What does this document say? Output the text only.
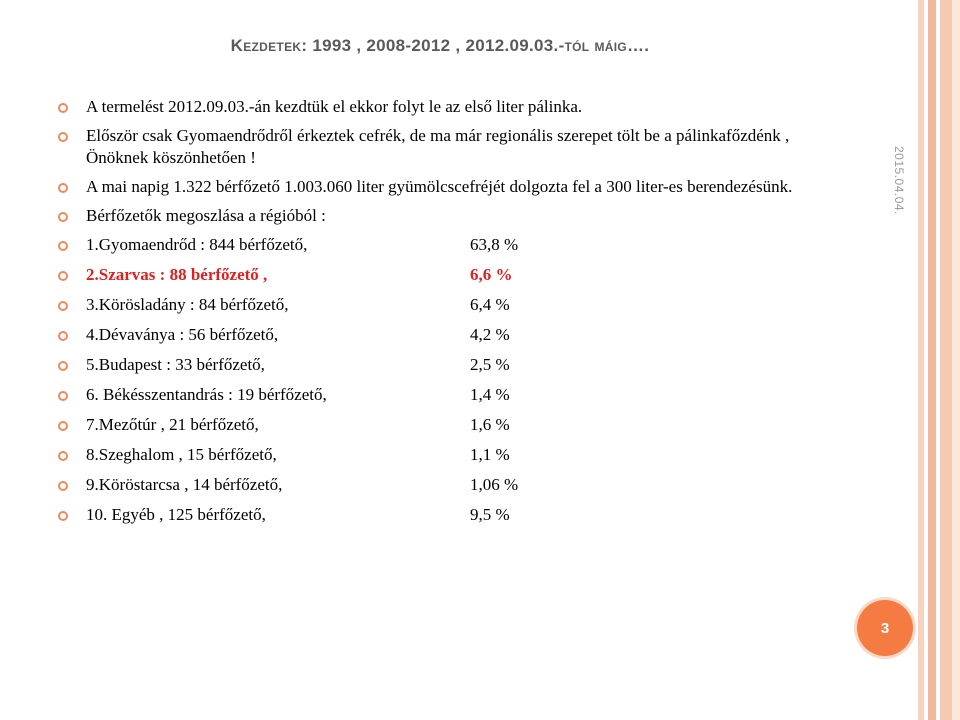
Kezdetek: 1993 , 2008-2012 , 2012.09.03.-tól máig….
2015.04.04.
A termelést 2012.09.03.-án kezdtük el ekkor folyt le az első liter pálinka.
Először csak Gyomaendrődről érkeztek cefrék, de ma már regionális szerepet tölt be a pálinkafőzdénk , Önöknek köszönhetően !
A mai napig 1.322 bérfőzető 1.003.060 liter gyümölcscefréjét dolgozta fel a 300 liter-es berendezésünk.
Bérfőzetők megoszlása a régióból :
1.Gyomaendrőd : 844 bérfőzető,	63,8 %
2.Szarvas : 88 bérfőzető ,	6,6 %
3.Körösladány : 84 bérfőzető,	6,4 %
4.Dévaványa : 56 bérfőzető,	4,2 %
5.Budapest : 33 bérfőzető,	2,5 %
6. Békésszentandrás : 19 bérfőzető,	1,4 %
7.Mezőtúr , 21 bérfőzető,	1,6 %
8.Szeghalom , 15 bérfőzető,	1,1 %
9.Köröstarcsa , 14 bérfőzető,	1,06 %
10. Egyéb , 125 bérfőzető,	9,5 %
3
